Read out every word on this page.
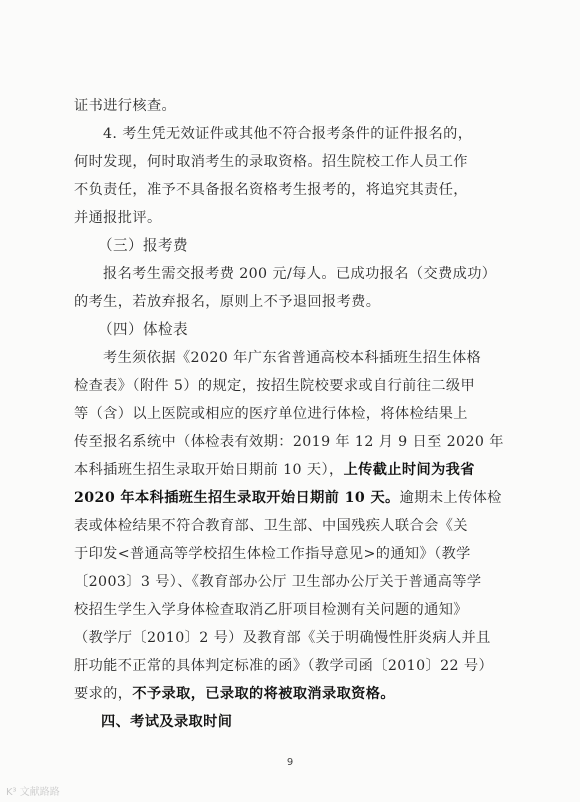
证书进行核查。
4. 考生凭无效证件或其他不符合报考条件的证件报名的，
何时发现，何时取消考生的录取资格。招生院校工作人员工作
不负责任，准予不具备报名资格考生报考的，将追究其责任，
并通报批评。
（三）报考费
报名考生需交报考费 200 元/每人。已成功报名（交费成功）
的考生，若放弃报名，原则上不予退回报考费。
（四）体检表
考生须依据《2020 年广东省普通高校本科插班生招生体格
检查表》（附件 5）的规定，按招生院校要求或自行前往二级甲
等（含）以上医院或相应的医疗单位进行体检，将体检结果上
传至报名系统中（体检表有效期：2019 年 12 月 9 日至 2020 年
本科插班生招生录取开始日期前 10 天），上传截止时间为我省
2020 年本科插班生招生录取开始日期前 10 天。逾期未上传体检
表或体检结果不符合教育部、卫生部、中国残疾人联合会《关
于印发<普通高等学校招生体检工作指导意见>的通知》（教学
〔2003〕3 号）、《教育部办公厅 卫生部办公厅关于普通高等学
校招生学生入学身体检查取消乙肝项目检测有关问题的通知》
（教学厅〔2010〕2 号）及教育部《关于明确慢性肝炎病人并且
肝功能不正常的具体判定标准的函》（教学司函〔2010〕22 号）
要求的，不予录取，已录取的将被取消录取资格。
四、考试及录取时间
9
K³ 文献路路
